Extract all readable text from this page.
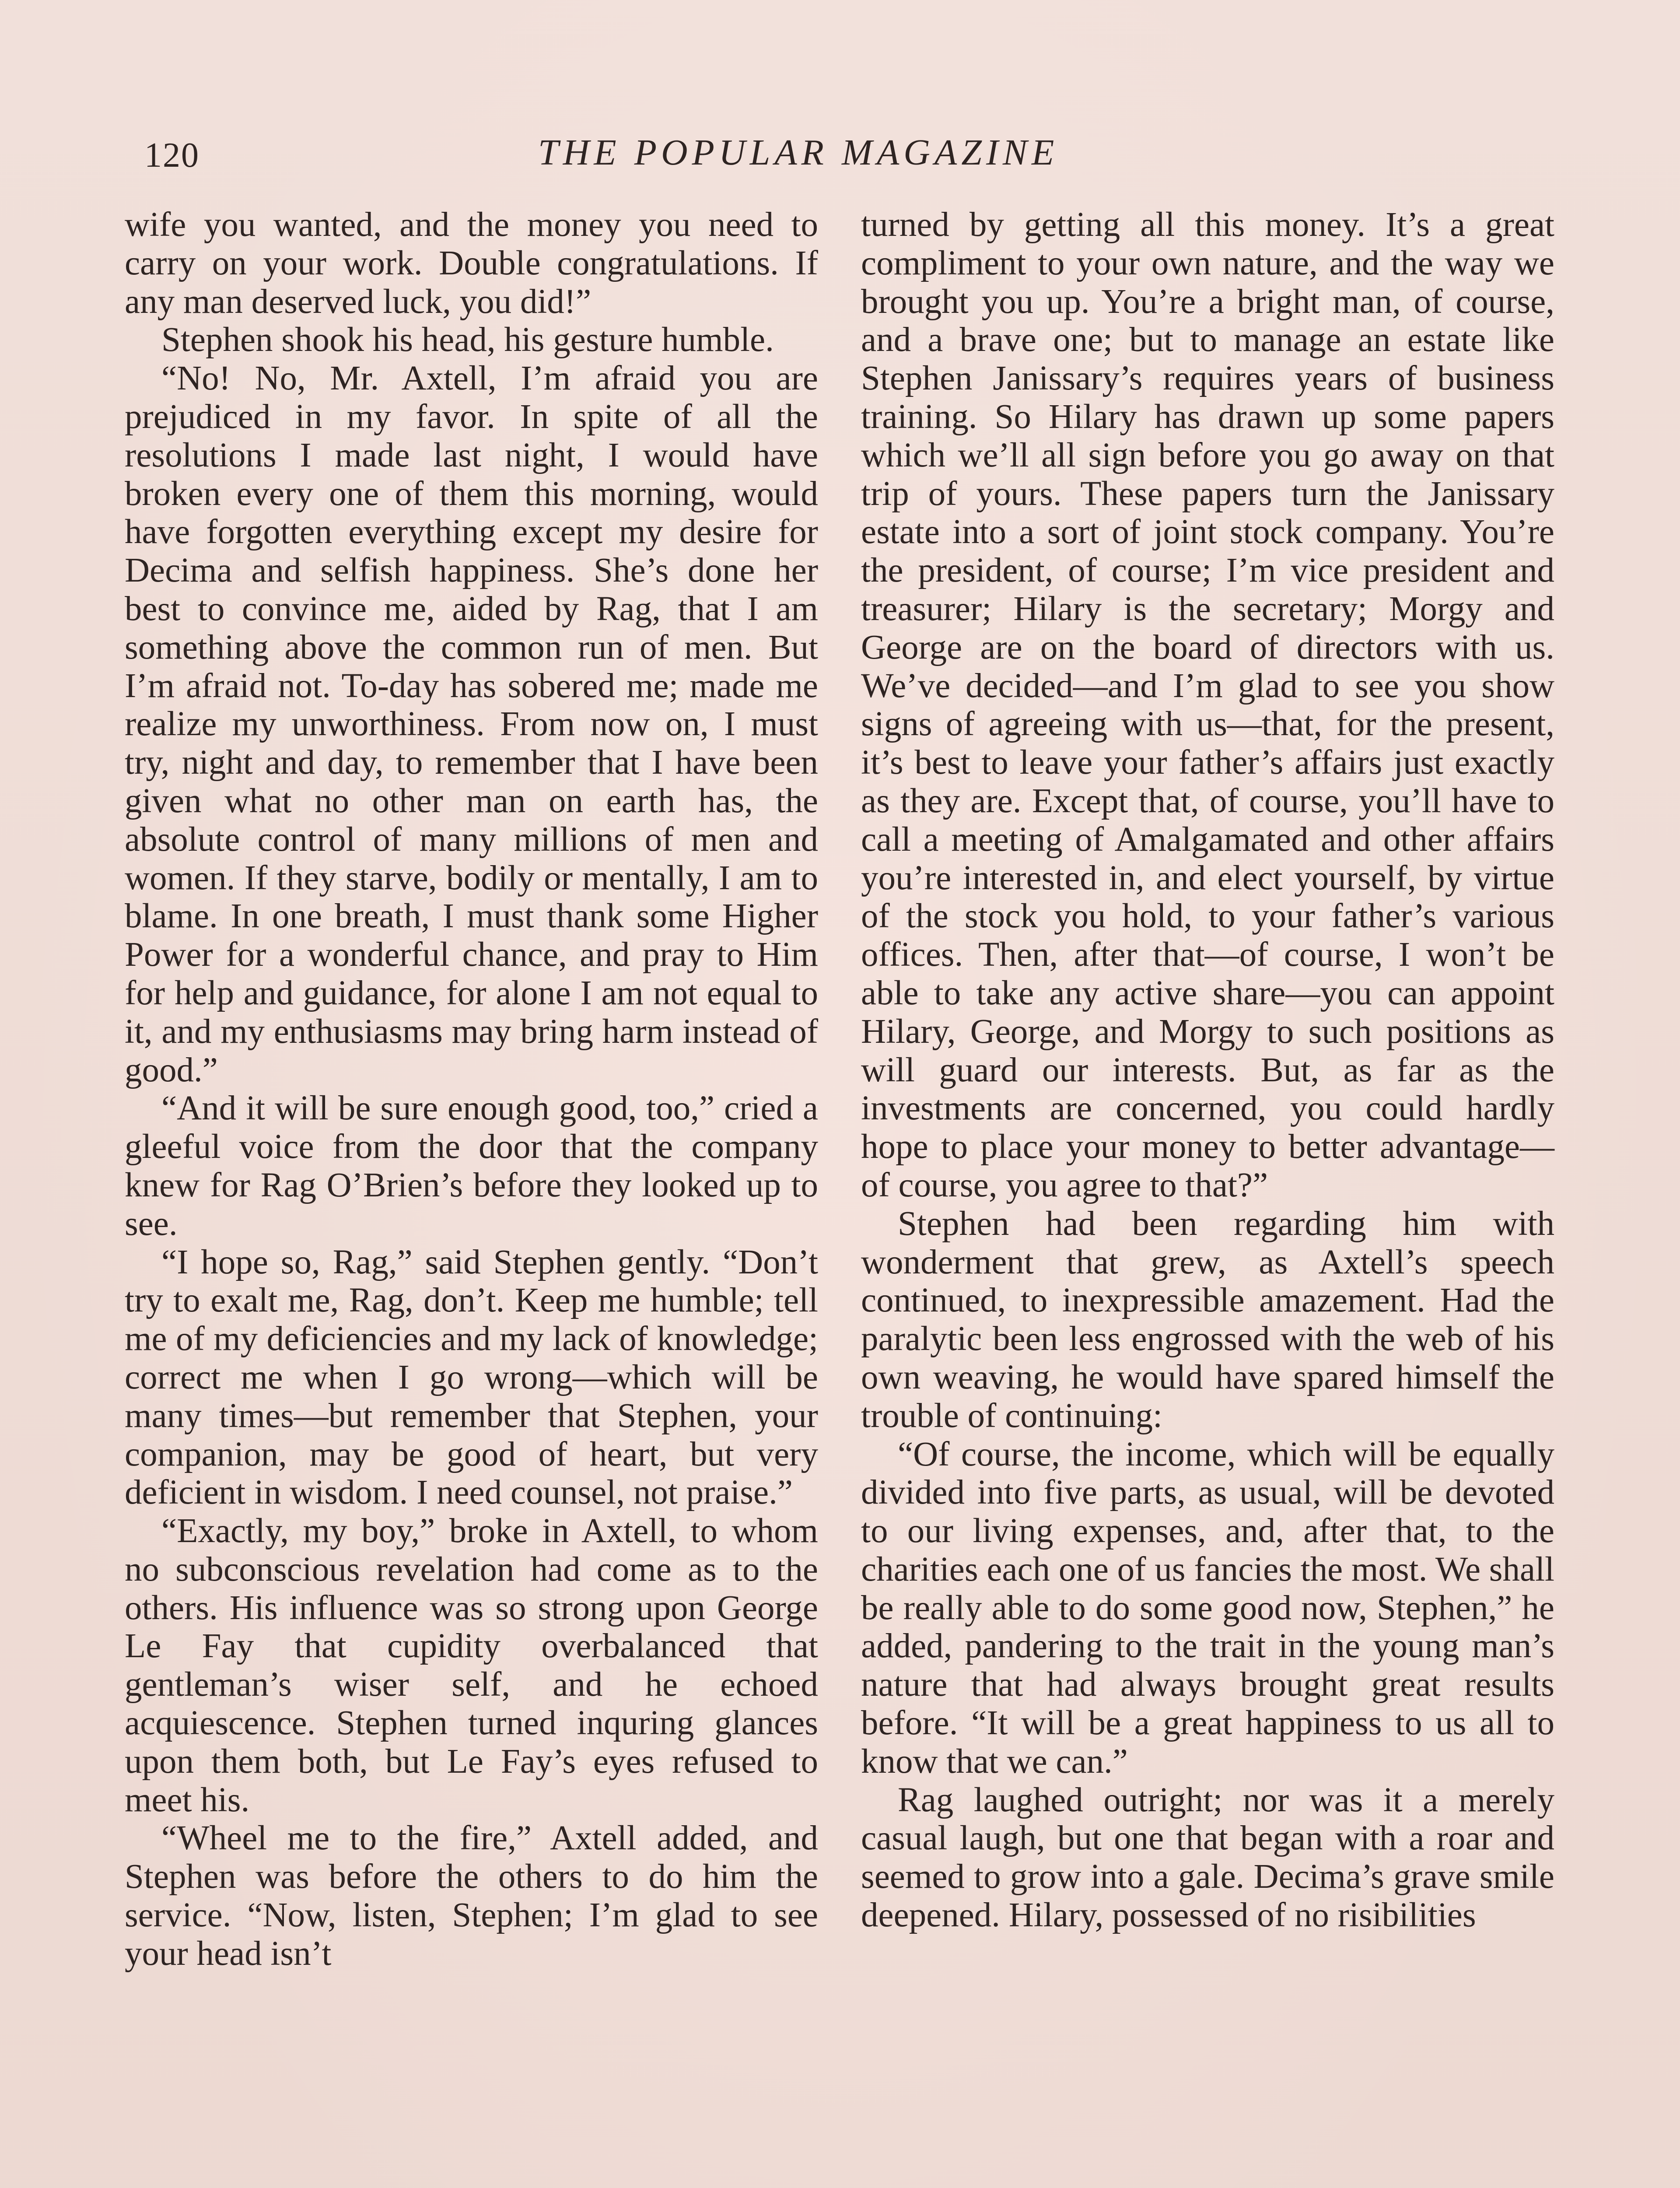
120	THE POPULAR MAGAZINE

wife you wanted, and the money you need to carry on your work. Double congratulations. If any man deserved luck, you did!”

Stephen shook his head, his gesture humble.

“No! No, Mr. Axtell, I’m afraid you are prejudiced in my favor. In spite of all the resolutions I made last night, I would have broken every one of them this morning, would have forgotten everything except my desire for Decima and selfish happiness. She’s done her best to convince me, aided by Rag, that I am something above the common run of men. But I’m afraid not. To-day has sobered me; made me realize my unworthiness. From now on, I must try, night and day, to remember that I have been given what no other man on earth has, the absolute control of many millions of men and women. If they starve, bodily or mentally, I am to blame. In one breath, I must thank some Higher Power for a wonderful chance, and pray to Him for help and guidance, for alone I am not equal to it, and my enthusiasms may bring harm instead of good.”

“And it will be sure enough good, too,” cried a gleeful voice from the door that the company knew for Rag O’Brien’s before they looked up to see.

“I hope so, Rag,” said Stephen gently. “Don’t try to exalt me, Rag, don’t. Keep me humble; tell me of my deficiencies and my lack of knowledge; correct me when I go wrong—which will be many times—but remember that Stephen, your companion, may be good of heart, but very deficient in wisdom. I need counsel, not praise.”

“Exactly, my boy,” broke in Axtell, to whom no subconscious revelation had come as to the others. His influence was so strong upon George Le Fay that cupidity overbalanced that gentleman’s wiser self, and he echoed acquiescence. Stephen turned inquring glances upon them both, but Le Fay’s eyes refused to meet his.

“Wheel me to the fire,” Axtell added, and Stephen was before the others to do him the service. “Now, listen, Stephen; I’m glad to see your head isn’t

turned by getting all this money. It’s a great compliment to your own nature, and the way we brought you up. You’re a bright man, of course, and a brave one; but to manage an estate like Stephen Janissary’s requires years of business training. So Hilary has drawn up some papers which we’ll all sign before you go away on that trip of yours. These papers turn the Janissary estate into a sort of joint stock company. You’re the president, of course; I’m vice president and treasurer; Hilary is the secretary; Morgy and George are on the board of directors with us. We’ve decided—and I’m glad to see you show signs of agreeing with us—that, for the present, it’s best to leave your father’s affairs just exactly as they are. Except that, of course, you’ll have to call a meeting of Amalgamated and other affairs you’re interested in, and elect yourself, by virtue of the stock you hold, to your father’s various offices. Then, after that—of course, I won’t be able to take any active share—you can appoint Hilary, George, and Morgy to such positions as will guard our interests. But, as far as the investments are concerned, you could hardly hope to place your money to better advantage—of course, you agree to that?”

Stephen had been regarding him with wonderment that grew, as Axtell’s speech continued, to inexpressible amazement. Had the paralytic been less engrossed with the web of his own weaving, he would have spared himself the trouble of continuing:

“Of course, the income, which will be equally divided into five parts, as usual, will be devoted to our living expenses, and, after that, to the charities each one of us fancies the most. We shall be really able to do some good now, Stephen,” he added, pandering to the trait in the young man’s nature that had always brought great results before. “It will be a great happiness to us all to know that we can.”

Rag laughed outright; nor was it a merely casual laugh, but one that began with a roar and seemed to grow into a gale. Decima’s grave smile deepened. Hilary, possessed of no risibilities
